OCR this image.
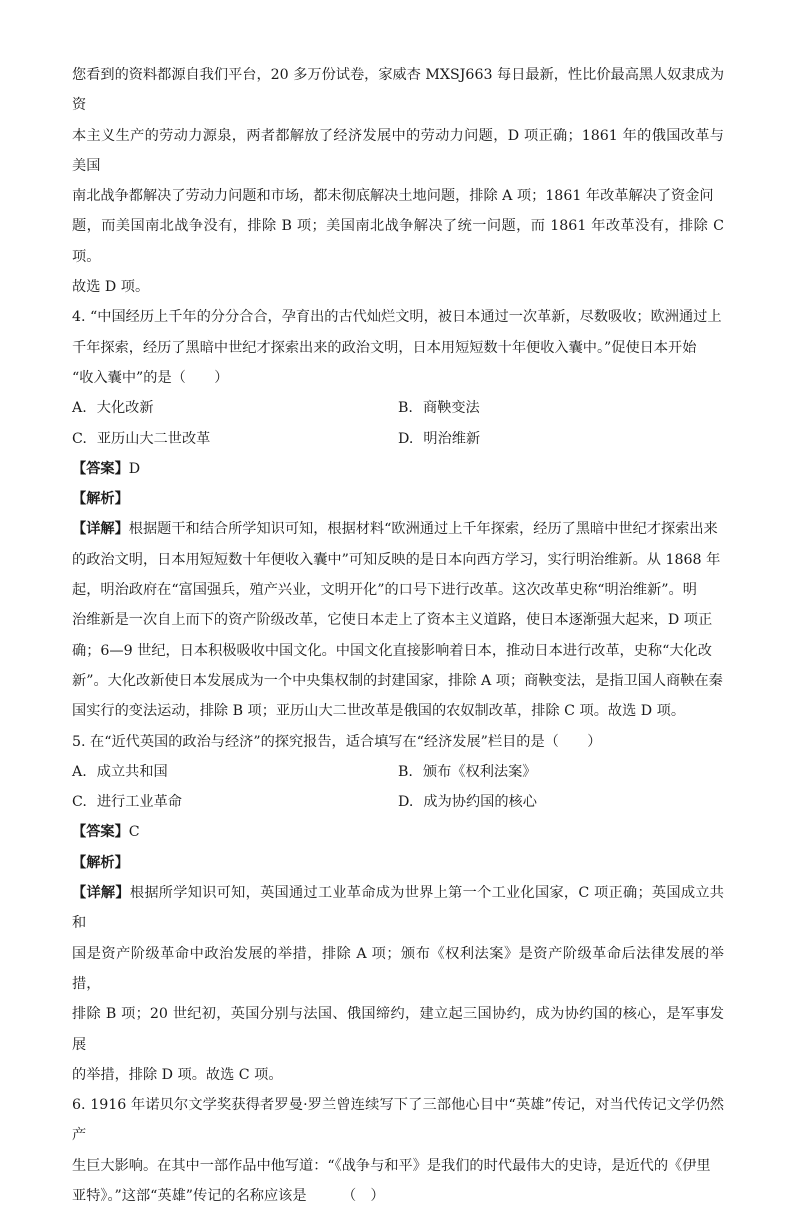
您看到的资料都源自我们平台，20 多万份试卷，家威杏 MXSJ663 每日最新，性比价最高黑人奴隶成为资
本主义生产的劳动力源泉，两者都解放了经济发展中的劳动力问题，D 项正确；1861 年的俄国改革与美国
南北战争都解决了劳动力问题和市场，都未彻底解决土地问题，排除 A 项；1861 年改革解决了资金问
题，而美国南北战争没有，排除 B 项；美国南北战争解决了统一问题，而 1861 年改革没有，排除 C 项。
故选 D 项。
4. “中国经历上千年的分分合合，孕育出的古代灿烂文明，被日本通过一次革新，尽数吸收；欧洲通过上
千年探索，经历了黑暗中世纪才探索出来的政治文明，日本用短短数十年便收入囊中。”促使日本开始
“收入囊中”的是（　　）
A. 大化改新	B. 商鞅变法
C. 亚历山大二世改革	D. 明治维新
【答案】D
【解析】
【详解】根据题干和结合所学知识可知，根据材料“欧洲通过上千年探索，经历了黑暗中世纪才探索出来
的政治文明，日本用短短数十年便收入囊中”可知反映的是日本向西方学习，实行明治维新。从 1868 年
起，明治政府在“富国强兵，殖产兴业，文明开化”的口号下进行改革。这次改革史称“明治维新”。明
治维新是一次自上而下的资产阶级改革，它使日本走上了资本主义道路，使日本逐渐强大起来，D 项正
确；6—9 世纪，日本积极吸收中国文化。中国文化直接影响着日本，推动日本进行改革，史称“大化改
新”。大化改新使日本发展成为一个中央集权制的封建国家，排除 A 项；商鞅变法，是指卫国人商鞅在秦
国实行的变法运动，排除 B 项；亚历山大二世改革是俄国的农奴制改革，排除 C 项。故选 D 项。
5. 在“近代英国的政治与经济”的探究报告，适合填写在“经济发展”栏目的是（　　）
A. 成立共和国	B. 颁布《权利法案》
C. 进行工业革命	D. 成为协约国的核心
【答案】C
【解析】
【详解】根据所学知识可知，英国通过工业革命成为世界上第一个工业化国家，C 项正确；英国成立共和
国是资产阶级革命中政治发展的举措，排除 A 项；颁布《权利法案》是资产阶级革命后法律发展的举措，
排除 B 项；20 世纪初，英国分别与法国、俄国缔约，建立起三国协约，成为协约国的核心，是军事发展
的举措，排除 D 项。故选 C 项。
6. 1916 年诺贝尔文学奖获得者罗曼·罗兰曾连续写下了三部他心目中“英雄”传记，对当代传记文学仍然产
生巨大影响。在其中一部作品中他写道：“《战争与和平》是我们的时代最伟大的史诗，是近代的《伊里
亚特》。”这部“英雄”传记的名称应该是　　　（　）
